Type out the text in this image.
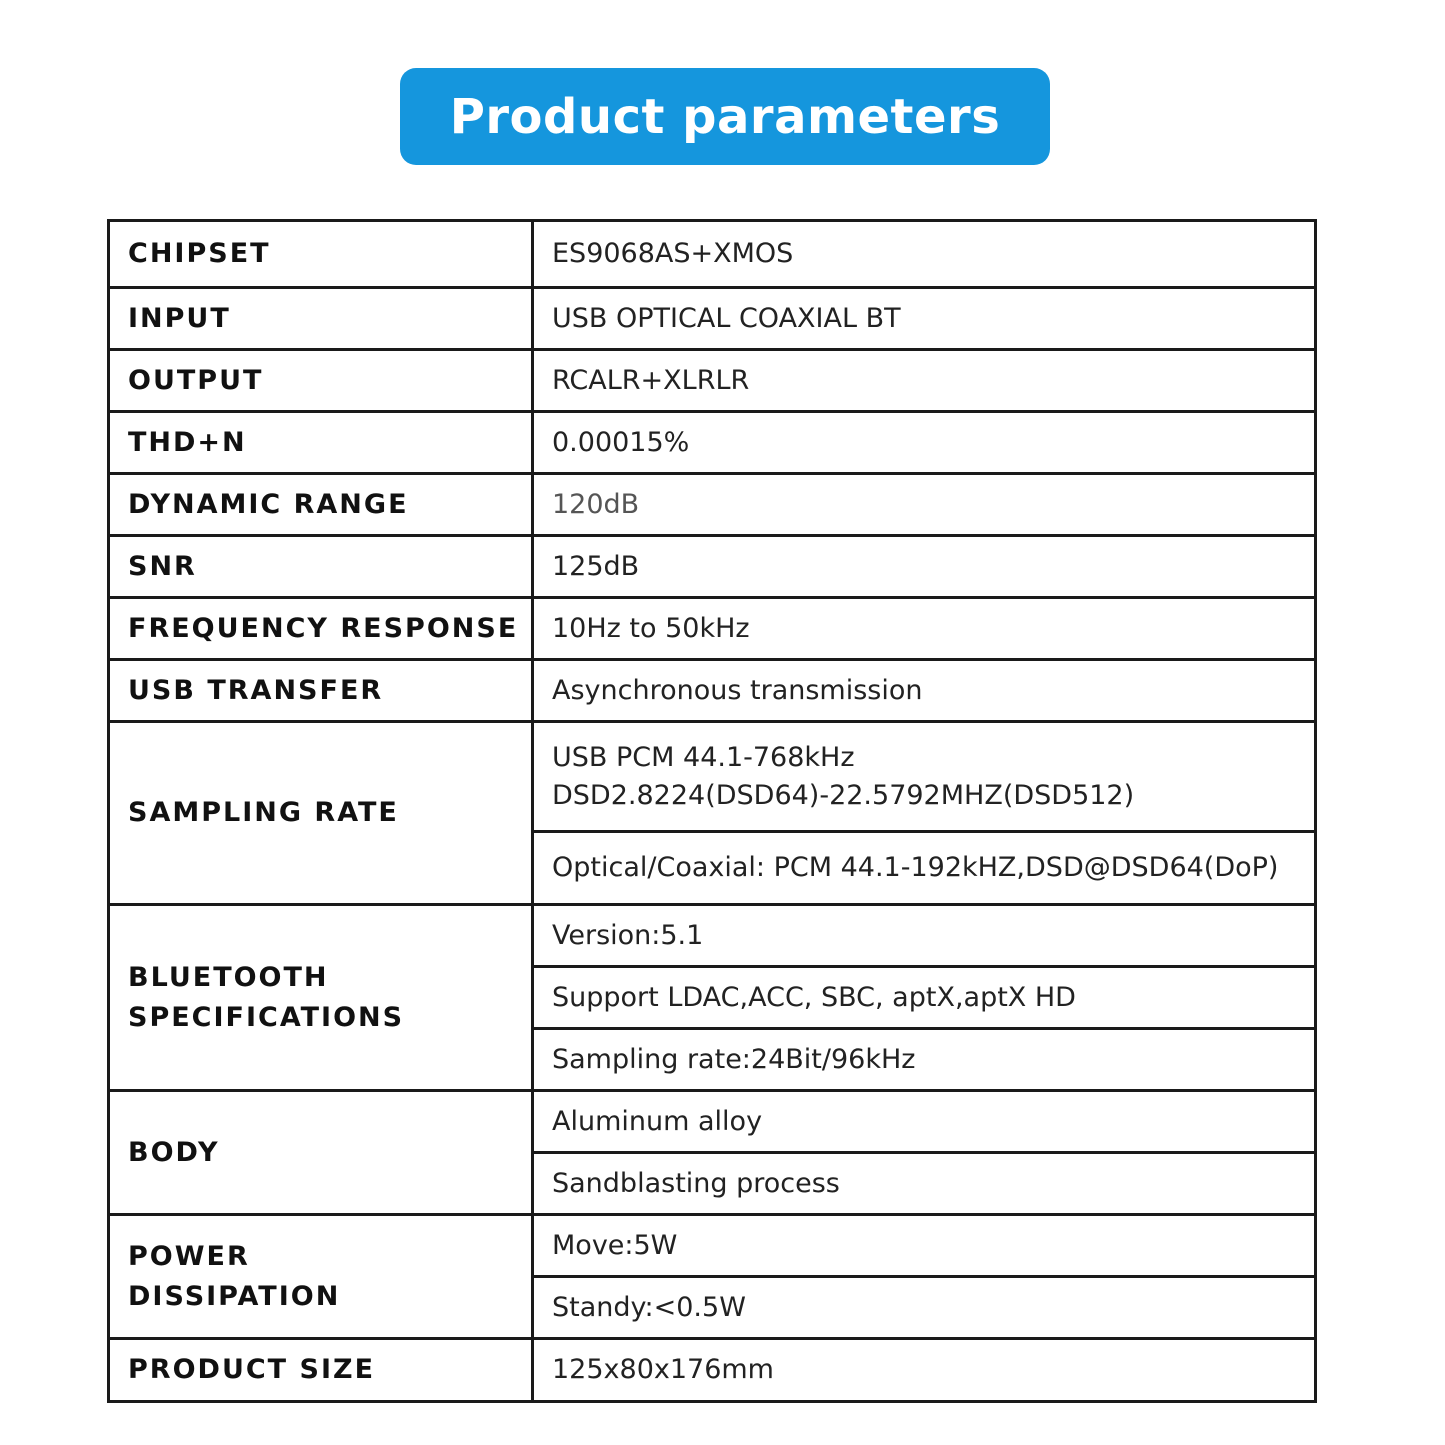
Product parameters
CHIPSET	ES9068AS+XMOS
INPUT	USB OPTICAL COAXIAL BT
OUTPUT	RCALR+XLRLR
THD+N	0.00015%
DYNAMIC RANGE	120dB
SNR	125dB
FREQUENCY RESPONSE	10Hz to 50kHz
USB TRANSFER	Asynchronous transmission
SAMPLING RATE	USB PCM 44.1-768kHz
DSD2.8224(DSD64)-22.5792MHZ(DSD512)

	Optical/Coaxial: PCM 44.1-192kHZ,DSD@DSD64(DoP)

BLUETOOTH
SPECIFICATIONS	Version:5.1
	Support LDAC,ACC, SBC, aptX,aptX HD
	Sampling rate:24Bit/96kHz
BODY	Aluminum alloy
	Sandblasting process

POWER
DISSIPATION	Move:5W
	Standy:<0.5W
PRODUCT SIZE	125x80x176mm
